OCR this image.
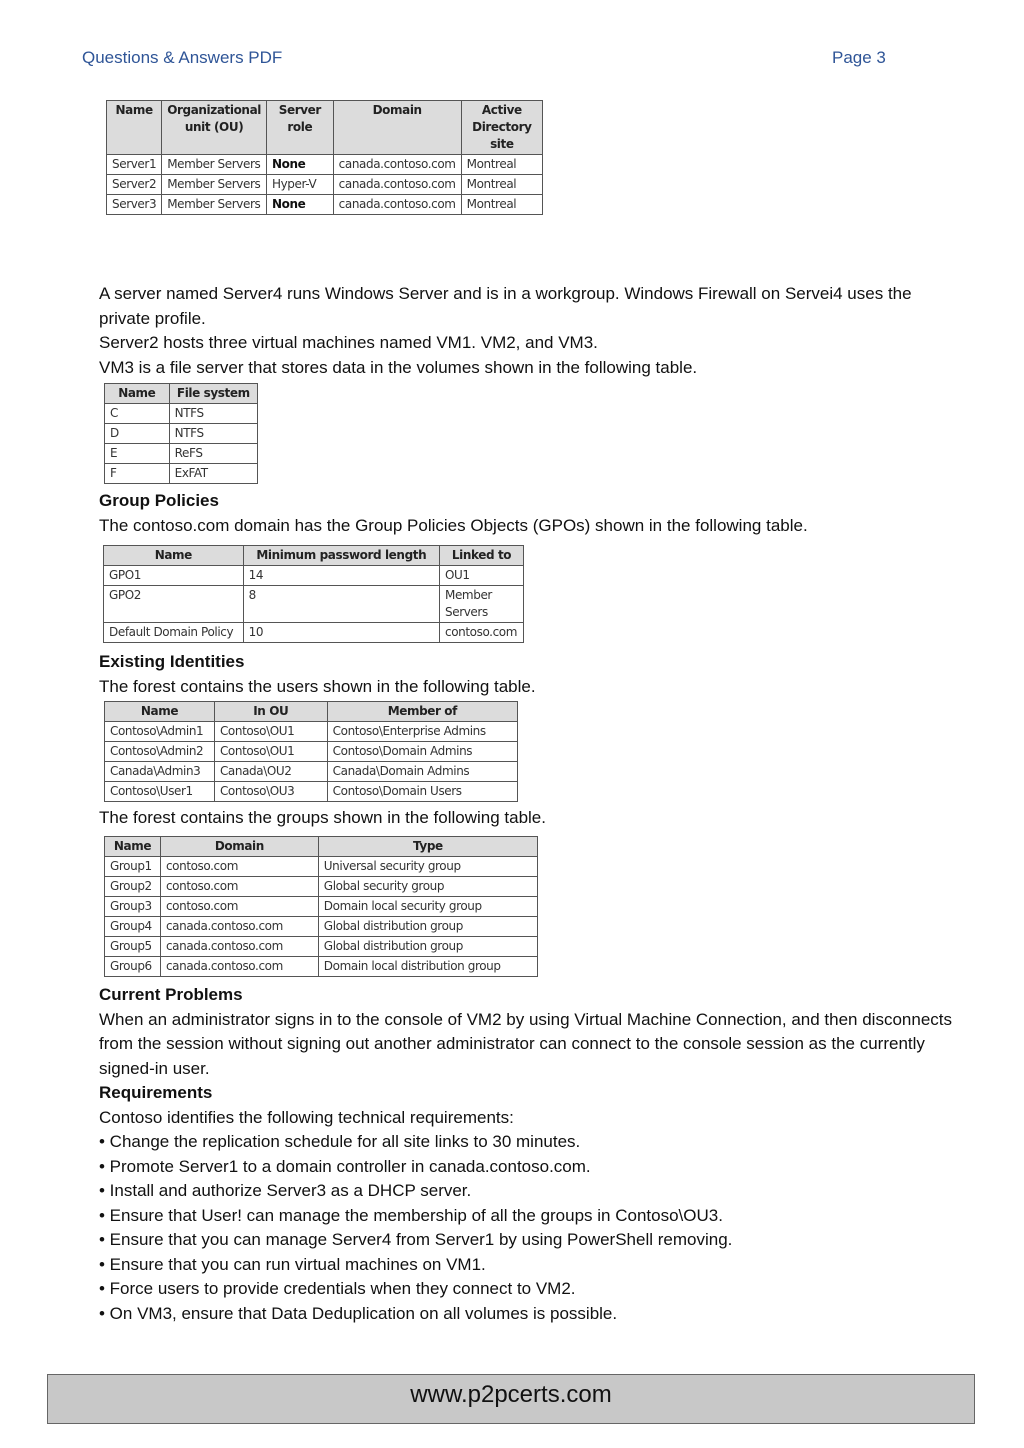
Questions & Answers PDF	Page 3
Name	Organizational unit (OU)	Server role	Domain	Active Directory site
Server1	Member Servers	None	canada.contoso.com	Montreal
Server2	Member Servers	Hyper-V	canada.contoso.com	Montreal
Server3	Member Servers	None	canada.contoso.com	Montreal

A server named Server4 runs Windows Server and is in a workgroup. Windows Firewall on Servei4 uses the private profile.

Server2 hosts three virtual machines named VM1. VM2, and VM3.

VM3 is a file server that stores data in the volumes shown in the following table.

Name	File system
C	NTFS
D	NTFS
E	ReFS
F	ExFAT

Group Policies

The contoso.com domain has the Group Policies Objects (GPOs) shown in the following table.

Name	Minimum password length	Linked to
GPO1	14	OU1
GPO2	8	Member Servers
Default Domain Policy	10	contoso.com

Existing Identities

The forest contains the users shown in the following table.

Name	In OU	Member of
Contoso\Admin1	Contoso\OU1	Contoso\Enterprise Admins
Contoso\Admin2	Contoso\OU1	Contoso\Domain Admins
Canada\Admin3	Canada\OU2	Canada\Domain Admins
Contoso\User1	Contoso\OU3	Contoso\Domain Users

The forest contains the groups shown in the following table.

Name	Domain	Type
Group1	contoso.com	Universal security group
Group2	contoso.com	Global security group
Group3	contoso.com	Domain local security group
Group4	canada.contoso.com	Global distribution group
Group5	canada.contoso.com	Global distribution group
Group6	canada.contoso.com	Domain local distribution group

Current Problems

When an administrator signs in to the console of VM2 by using Virtual Machine Connection, and then disconnects from the session without signing out another administrator can connect to the console session as the currently signed-in user.

Requirements

Contoso identifies the following technical requirements:

• Change the replication schedule for all site links to 30 minutes.

• Promote Server1 to a domain controller in canada.contoso.com.

• Install and authorize Server3 as a DHCP server.

• Ensure that User! can manage the membership of all the groups in Contoso\OU3.

• Ensure that you can manage Server4 from Server1 by using PowerShell removing.

• Ensure that you can run virtual machines on VM1.

• Force users to provide credentials when they connect to VM2.

• On VM3, ensure that Data Deduplication on all volumes is possible.

www.p2pcerts.com
